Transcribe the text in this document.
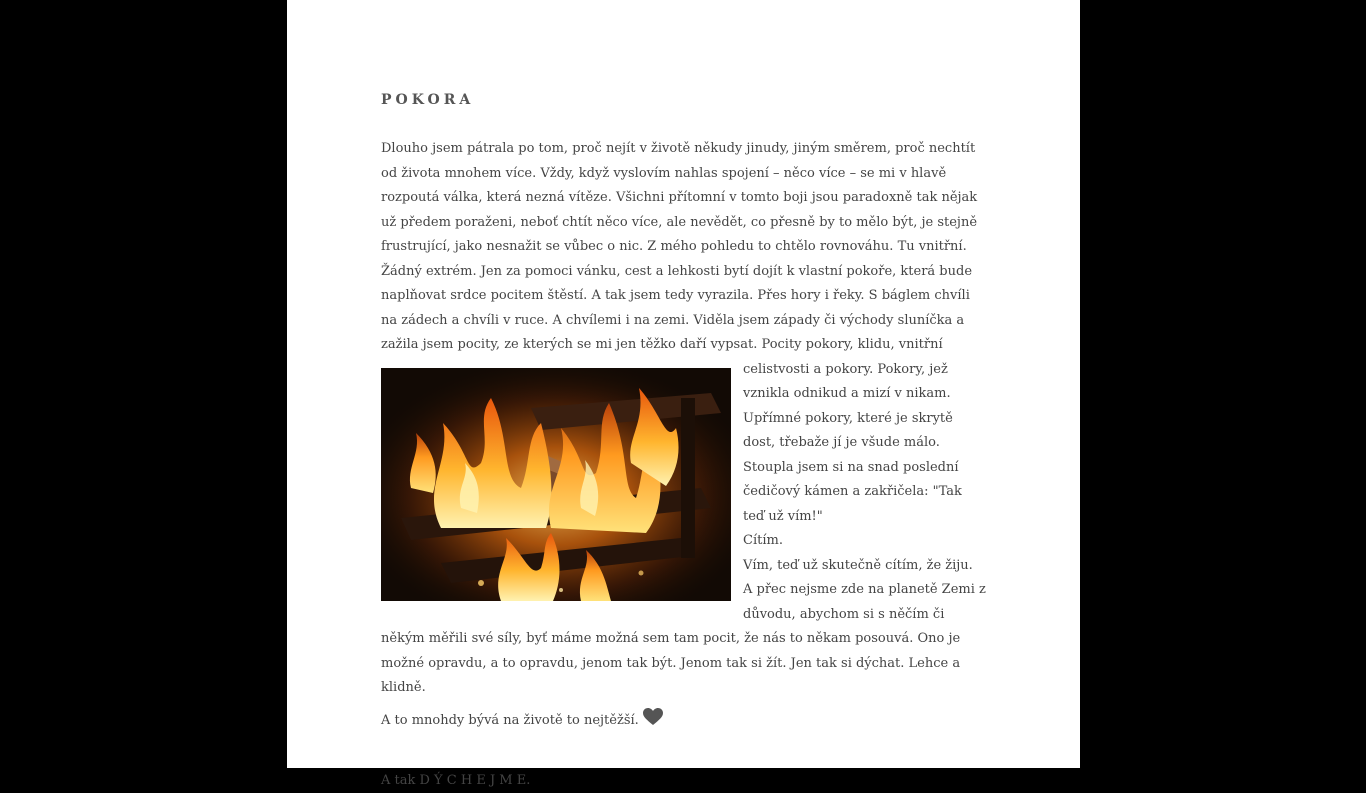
POKORA

Dlouho jsem pátrala po tom, proč nejít v životě někudy jinudy, jiným směrem, proč nechtít od života mnohem více. Vždy, když vyslovím nahlas spojení – něco více – se mi v hlavě rozpoutá válka, která nezná vítěze. Všichni přítomní v tomto boji jsou paradoxně tak nějak už předem poraženi, neboť chtít něco více, ale nevědět, co přesně by to mělo být, je stejně frustrující, jako nesnažit se vůbec o nic. Z mého pohledu to chtělo rovnováhu. Tu vnitřní. Žádný extrém. Jen za pomoci vánku, cest a lehkosti bytí dojít k vlastní pokoře, která bude naplňovat srdce pocitem štěstí. A tak jsem tedy vyrazila. Přes hory i řeky. S báglem chvíli na zádech a chvíli v ruce. A chvílemi i na zemi. Viděla jsem západy či východy sluníčka a zažila jsem pocity, ze kterých se mi jen těžko daří
vypsat. Pocity pokory, klidu, vnitřní celistvosti a pokory. Pokory, jež vznikla odnikud a mizí v nikam. Upřímné pokory, které je skrytě dost, třebaže jí je všude málo.

Stoupla jsem si na snad poslední čedičový kámen a zakřičela: "Tak teď už vím!"

Cítím.

Vím, teď už skutečně cítím, že žiju.

A přec nejsme zde na planetě Zemi z důvodu, abychom si s něčím či někým měřili své síly, byť máme možná sem tam pocit, že nás to někam posouvá. Ono je možné opravdu, a to opravdu, jenom tak být. Jenom tak si žít. Jen tak si dýchat. Lehce a klidně.

A to mnohdy bývá na životě to nejtěžší.

A tak D Ý C H E J M E.
